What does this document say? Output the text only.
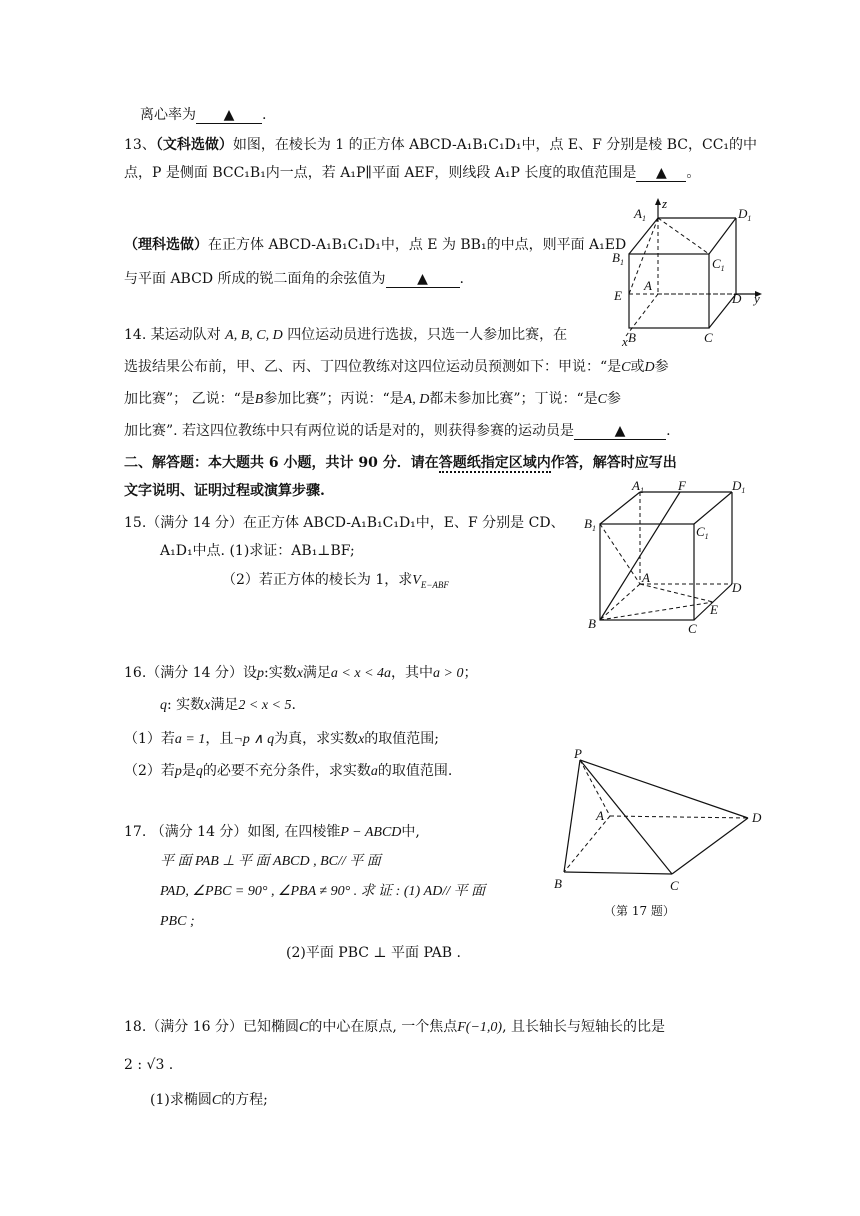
离心率为 ▲ .
13、（文科选做）如图，在棱长为 1 的正方体 ABCD-A₁B₁C₁D₁中，点 E、F 分别是棱 BC，CC₁的中
点，P 是侧面 BCC₁B₁内一点，若 A₁P∥平面 AEF，则线段 A₁P 长度的取值范围是 ▲ 。
（理科选做）在正方体 ABCD-A₁B₁C₁D₁中，点 E 为 BB₁的中点，则平面 A₁ED
与平面 ABCD 所成的锐二面角的余弦值为 ▲ .
$A_1$
z
$D_1$
$B_1$	$C_1$
A
E	D y
B	C
x
14. 某运动队对 A, B, C, D 四位运动员进行选拔，只选一人参加比赛，在
选拔结果公布前，甲、乙、丙、丁四位教练对这四位运动员预测如下：甲说：“是C或D参
加比赛”； 乙说：“是B参加比赛”；丙说：“是A, D都未参加比赛”；丁说：“是C参
加比赛”. 若这四位教练中只有两位说的话是对的，则获得参赛的运动员是	▲	.
二、解答题：本大题共 6 小题，共计 90 分．请在答题纸指定区域内作答，解答时应写出
文字说明、证明过程或演算步骤.
15.（满分 14 分）在正方体 ABCD-A₁B₁C₁D₁中，E、F 分别是 CD、
A₁D₁中点. (1)求证：AB₁⊥BF;
（2）若正方体的棱长为 1，求$V_{E-ABF}$
$A_1$	F	$D_1$
$B_1$	$C_1$
A
D
E
B	C
16.（满分 14 分）设p:实数x满足a < x < 4a，其中a > 0；
q: 实数x满足2 < x < 5.
（1）若a = 1，且¬p ∧ q为真，求实数x的取值范围;
（2）若p是q的必要不充分条件，求实数a的取值范围.
17. （满分 14 分）如图, 在四棱锥P − ABCD中,
平 面 PAB ⊥ 平 面 ABCD , BC// 平 面
PAD, ∠PBC = 90° , ∠PBA ≠ 90° . 求 证 : (1) AD// 平 面
PBC ;
(2)平面 PBC ⊥ 平面 PAB .
P
A	D
B	C
（第 17 题）
18.（满分 16 分）已知椭圆C的中心在原点, 一个焦点F(−1,0), 且长轴长与短轴长的比是
2 : √3 .
(1)求椭圆C的方程;
